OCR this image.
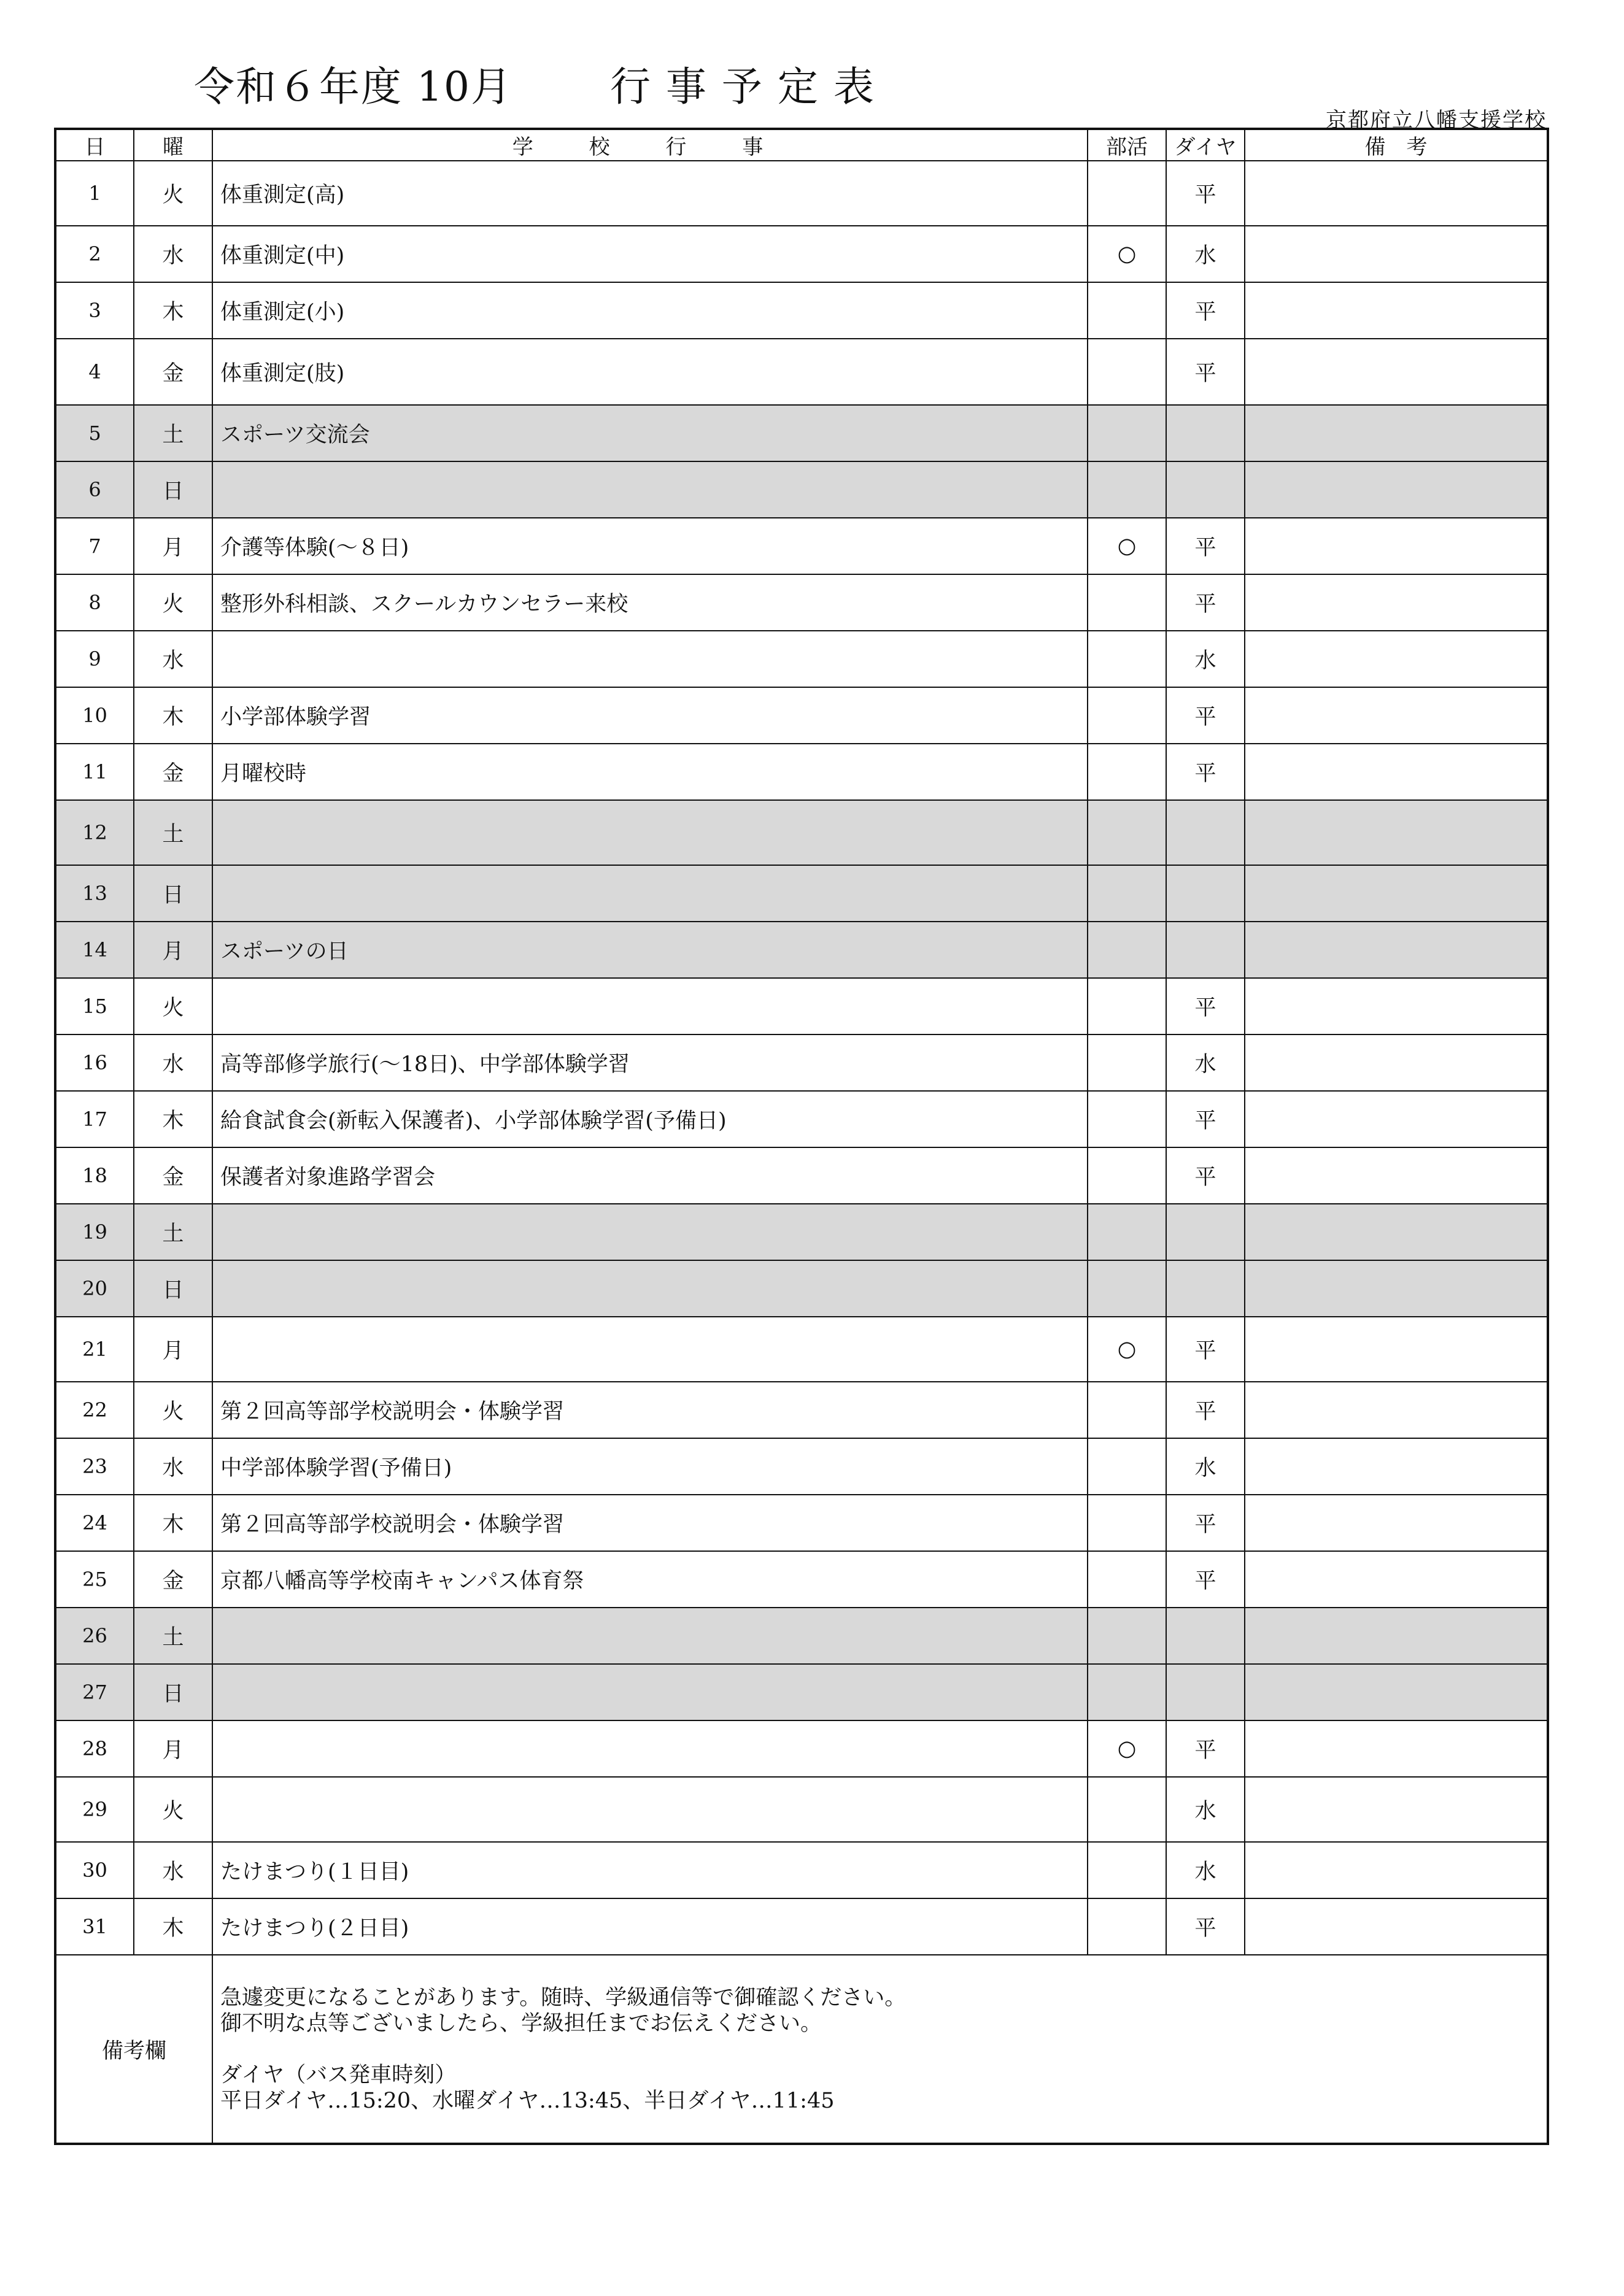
令和６年度 10月　　 行 事 予 定 表
京都府立八幡支援学校
日	曜	学 校 行 事	部活	ダイヤ	備　考
1	火	体重測定(高)		平	
2	水	体重測定(中)	○	水	
3	木	体重測定(小)		平	
4	金	体重測定(肢)		平	
5	土	スポーツ交流会			
6	日				
7	月	介護等体験(～８日)	○	平	
8	火	整形外科相談、スクールカウンセラー来校		平	
9	水			水	
10	木	小学部体験学習		平	
11	金	月曜校時		平	
12	土				
13	日				
14	月	スポーツの日			
15	火			平	
16	水	高等部修学旅行(～18日)、中学部体験学習		水	
17	木	給食試食会(新転入保護者)、小学部体験学習(予備日)		平	
18	金	保護者対象進路学習会		平	
19	土				
20	日				
21	月		○	平	
22	火	第２回高等部学校説明会・体験学習		平	
23	水	中学部体験学習(予備日)		水	
24	木	第２回高等部学校説明会・体験学習		平	
25	金	京都八幡高等学校南キャンパス体育祭		平	
26	土				
27	日				
28	月		○	平	
29	火			水	
30	水	たけまつり(１日目)		水	
31	木	たけまつり(２日目)		平	
備考欄		急遽変更になることがあります。随時、学級通信等で御確認ください。
御不明な点等ございましたら、学級担任までお伝えください。
ダイヤ（バス発車時刻）
平日ダイヤ…15:20、水曜ダイヤ…13:45、半日ダイヤ…11:45			
